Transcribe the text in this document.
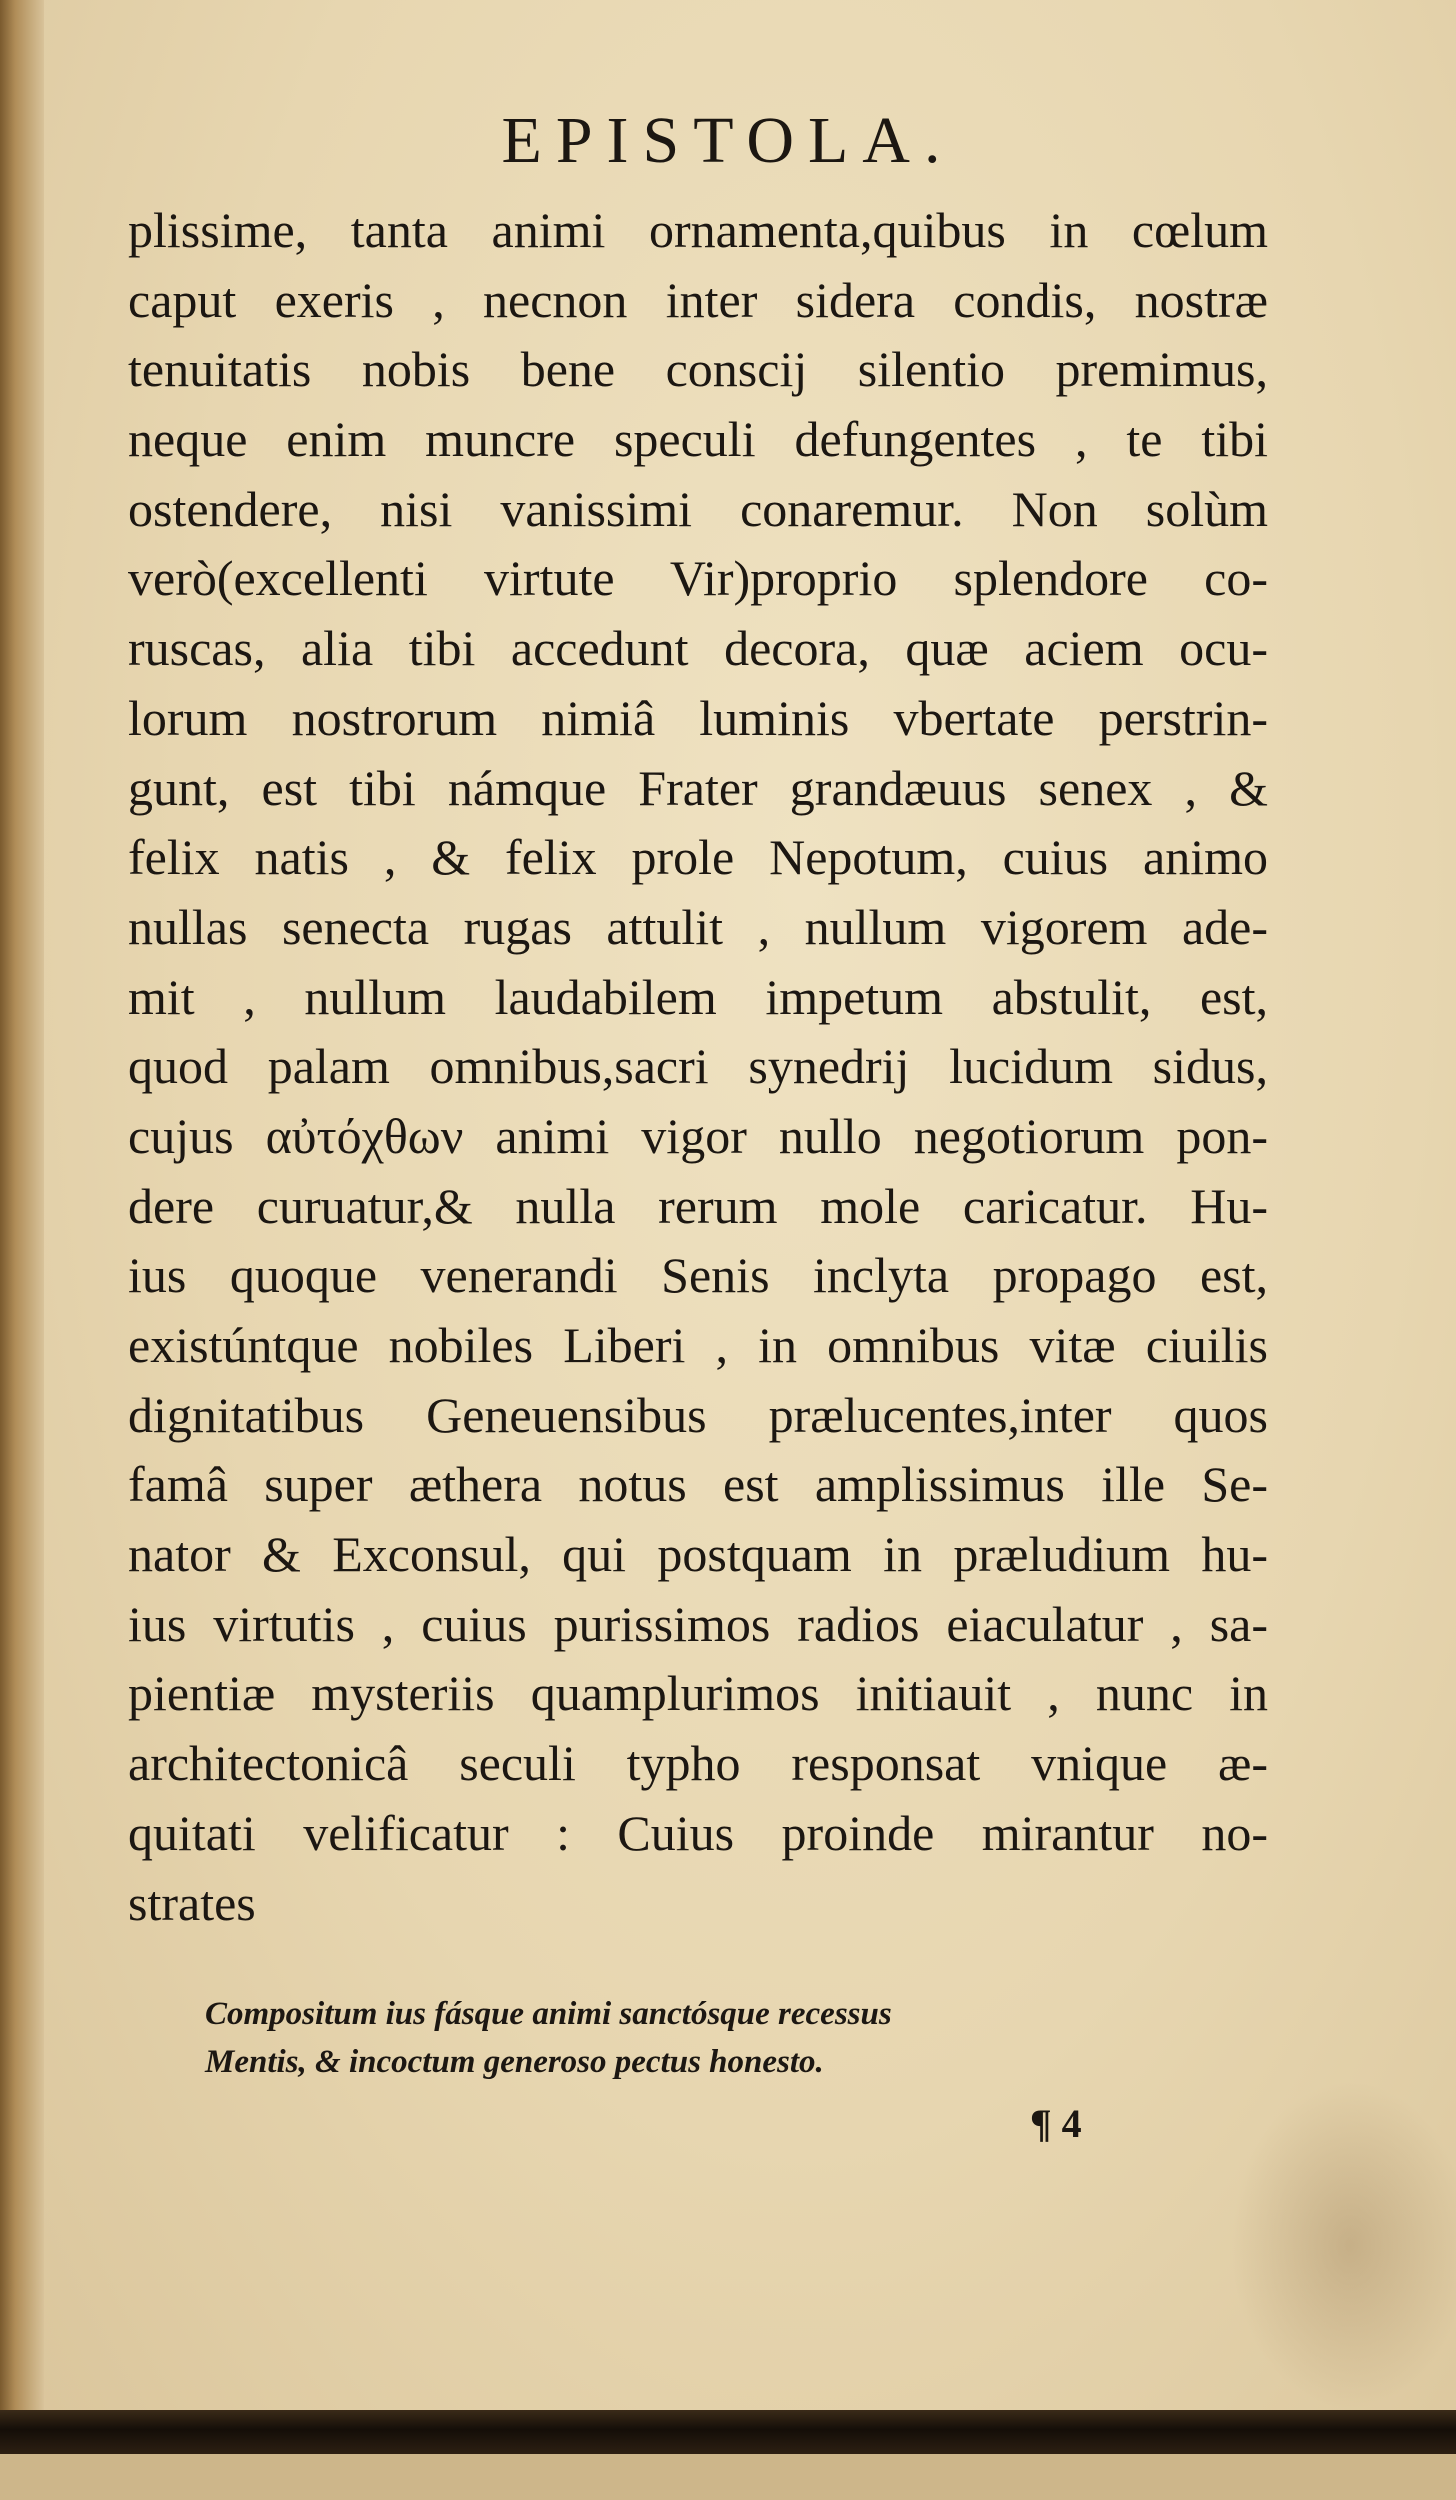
EPISTOLA.
plissime, tanta animi ornamenta,quibus in cœlum
caput exeris , necnon inter sidera condis, nostræ
tenuitatis nobis bene conscij silentio premimus,
neque enim muncre speculi defungentes , te tibi
ostendere, nisi vanissimi conaremur. Non solùm
verò(excellenti virtute Vir)proprio splendore co-
ruscas, alia tibi accedunt decora, quæ aciem ocu-
lorum nostrorum nimiâ luminis vbertate perstrin-
gunt, est tibi námque Frater grandæuus senex , &
felix natis , & felix prole Nepotum, cuius animo
nullas senecta rugas attulit , nullum vigorem ade-
mit , nullum laudabilem impetum abstulit, est,
quod palam omnibus,sacri synedrij lucidum sidus,
cujus αὐτόχθων animi vigor nullo negotiorum pon-
dere curuatur,& nulla rerum mole caricatur. Hu-
ius quoque venerandi Senis inclyta propago est,
existúntque nobiles Liberi , in omnibus vitæ ciuilis
dignitatibus Geneuensibus prælucentes,inter quos
famâ super æthera notus est amplissimus ille Se-
nator & Exconsul, qui postquam in præludium hu-
ius virtutis , cuius purissimos radios eiaculatur , sa-
pientiæ mysteriis quamplurimos initiauit , nunc in
architectonicâ seculi typho responsat vnique æ-
quitati velificatur : Cuius proinde mirantur no-
strates
Compositum ius fásque animi sanctósque recessus
Mentis, & incoctum generoso pectus honesto.
¶ 4
